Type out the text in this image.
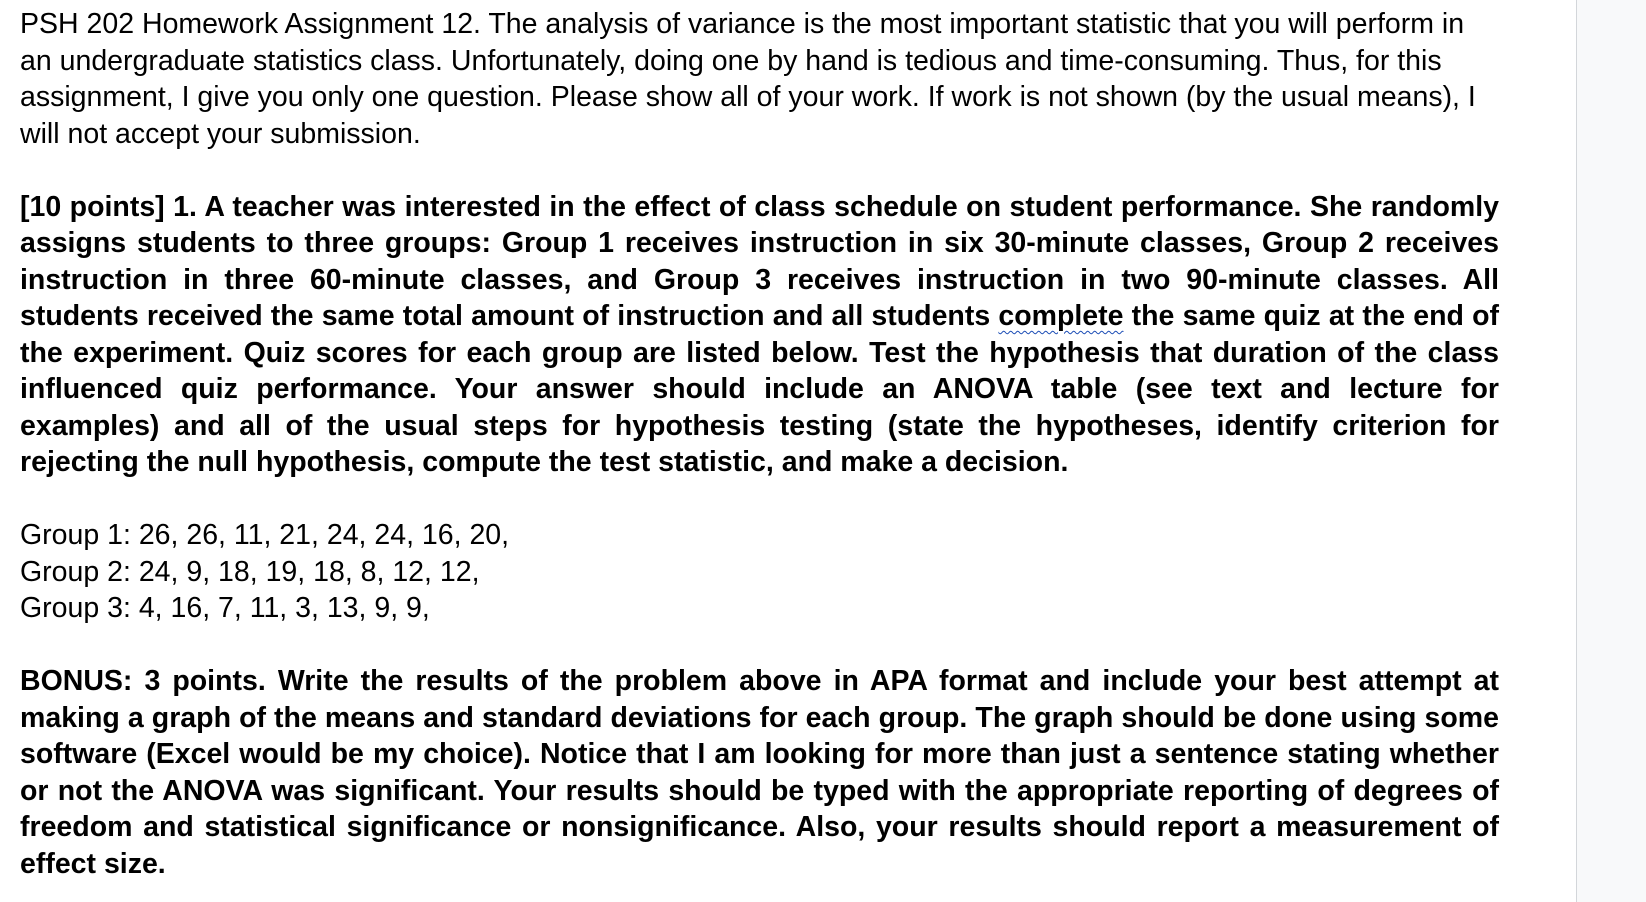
PSH 202 Homework Assignment 12. The analysis of variance is the most important statistic that you will perform in an undergraduate statistics class. Unfortunately, doing one by hand is tedious and time-consuming. Thus, for this assignment, I give you only one question. Please show all of your work. If work is not shown (by the usual means), I will not accept your submission.

[10 points] 1. A teacher was interested in the effect of class schedule on student performance. She randomly assigns students to three groups: Group 1 receives instruction in six 30-minute classes, Group 2 receives instruction in three 60-minute classes, and Group 3 receives instruction in two 90-minute classes. All students received the same total amount of instruction and all students complete the same quiz at the end of the experiment. Quiz scores for each group are listed below. Test the hypothesis that duration of the class influenced quiz performance. Your answer should include an ANOVA table (see text and lecture for examples) and all of the usual steps for hypothesis testing (state the hypotheses, identify criterion for rejecting the null hypothesis, compute the test statistic, and make a decision.

Group 1: 26, 26, 11, 21, 24, 24, 16, 20,
Group 2: 24, 9, 18, 19, 18, 8, 12, 12,
Group 3: 4, 16, 7, 11, 3, 13, 9, 9,

BONUS: 3 points. Write the results of the problem above in APA format and include your best attempt at making a graph of the means and standard deviations for each group. The graph should be done using some software (Excel would be my choice). Notice that I am looking for more than just a sentence stating whether or not the ANOVA was significant. Your results should be typed with the appropriate reporting of degrees of freedom and statistical significance or nonsignificance. Also, your results should report a measurement of effect size.
